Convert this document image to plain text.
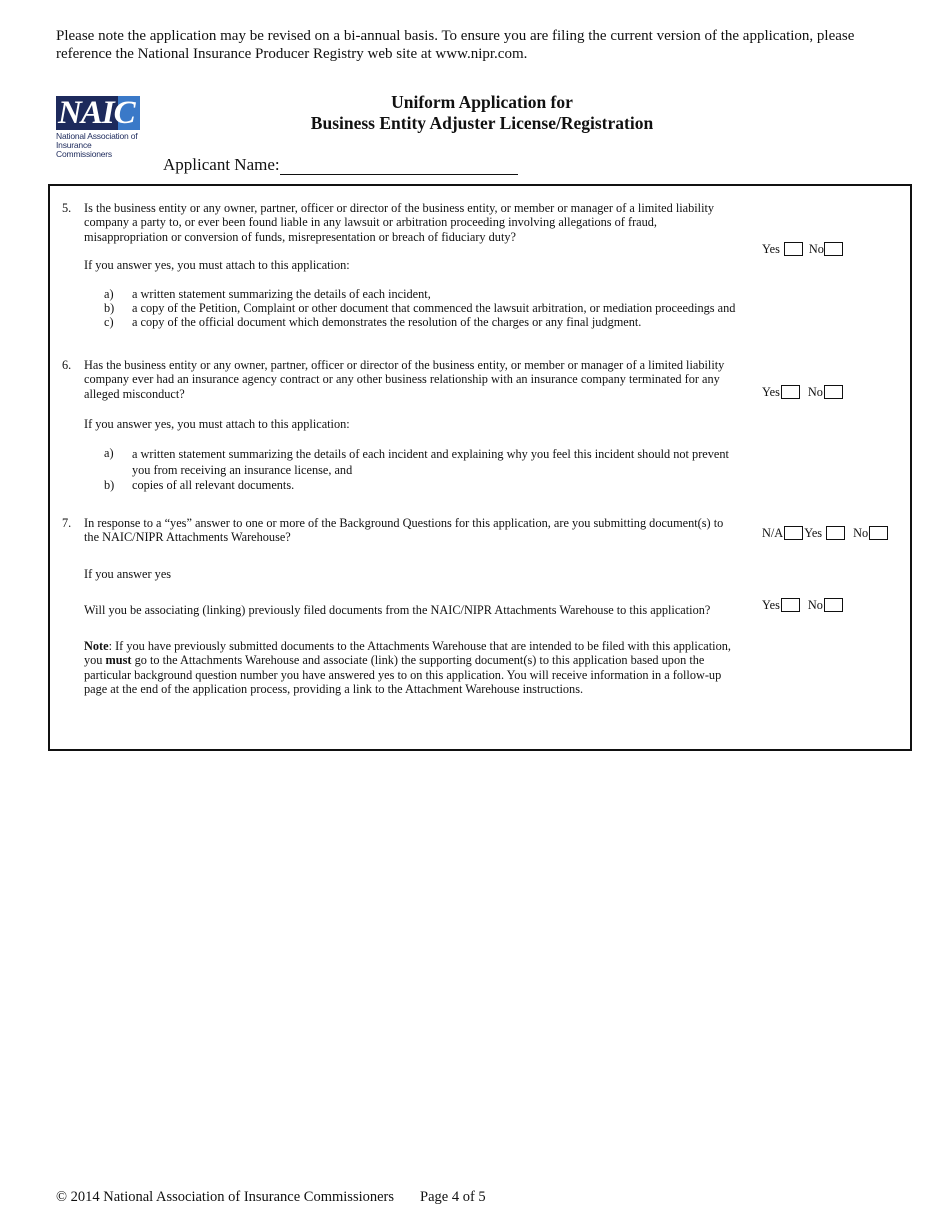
Please note the application may be revised on a bi-annual basis. To ensure you are filing the current version of the application, please reference the National Insurance Producer Registry web site at www.nipr.com.
NAIC
National Association of
Insurance Commissioners
Uniform Application for
Business Entity Adjuster License/Registration
Applicant Name:
5. Is the business entity or any owner, partner, officer or director of the business entity, or member or manager of a limited liability company a party to, or ever been found liable in any lawsuit or arbitration proceeding involving allegations of fraud, misappropriation or conversion of funds, misrepresentation or breach of fiduciary duty?
Yes No
If you answer yes, you must attach to this application:
a) a written statement summarizing the details of each incident,
b) a copy of the Petition, Complaint or other document that commenced the lawsuit arbitration, or mediation proceedings and
c) a copy of the official document which demonstrates the resolution of the charges or any final judgment.
6. Has the business entity or any owner, partner, officer or director of the business entity, or member or manager of a limited liability company ever had an insurance agency contract or any other business relationship with an insurance company terminated for any alleged misconduct?	Yes No
If you answer yes, you must attach to this application:
a) a written statement summarizing the details of each incident and explaining why you feel this incident should not prevent you from receiving an insurance license, and
b) copies of all relevant documents.
7. In response to a “yes” answer to one or more of the Background Questions for this application, are you submitting document(s) to the NAIC/NIPR Attachments Warehouse?	N/A Yes	No
If you answer yes
Will you be associating (linking) previously filed documents from the NAIC/NIPR Attachments Warehouse to this application?	Yes No
Note: If you have previously submitted documents to the Attachments Warehouse that are intended to be filed with this application, you must go to the Attachments Warehouse and associate (link) the supporting document(s) to this application based upon the particular background question number you have answered yes to on this application. You will receive information in a follow-up page at the end of the application process, providing a link to the Attachment Warehouse instructions.
© 2014 National Association of Insurance Commissioners Page 4 of 5
